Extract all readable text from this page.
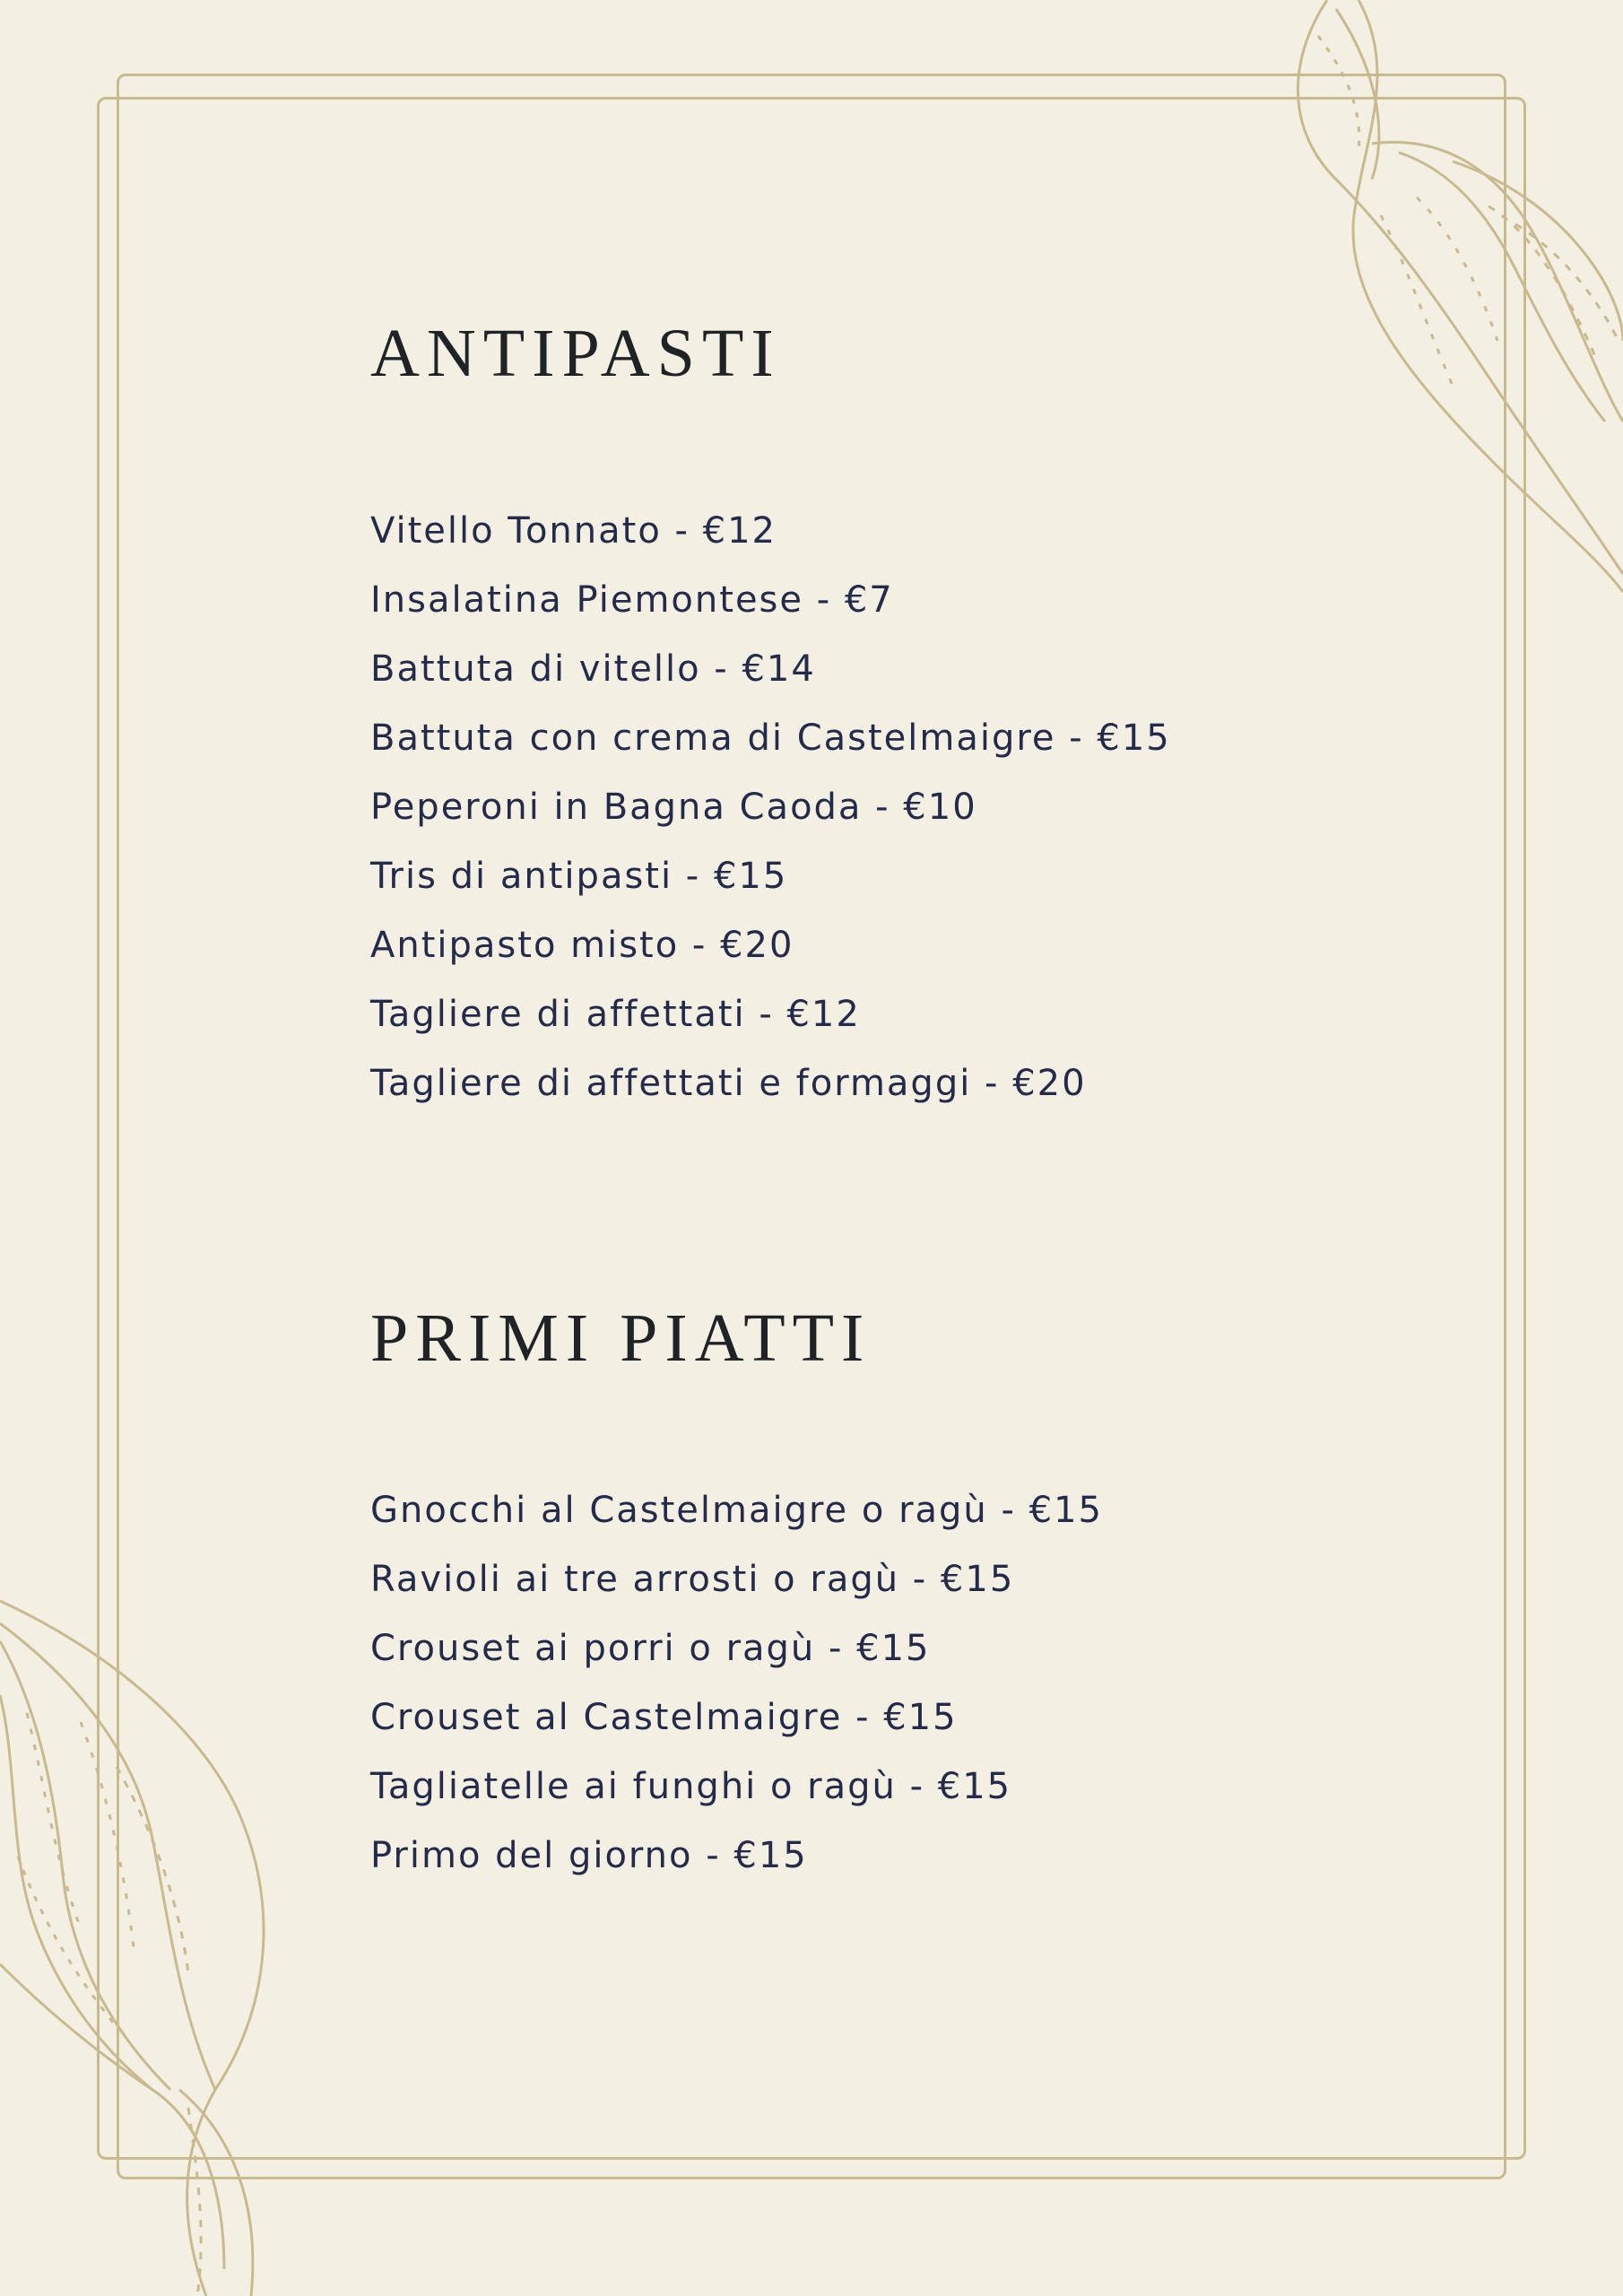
ANTIPASTI
Vitello Tonnato - €12
Insalatina Piemontese - €7
Battuta di vitello - €14
Battuta con crema di Castelmaigre - €15
Peperoni in Bagna Caoda - €10
Tris di antipasti - €15
Antipasto misto - €20
Tagliere di affettati - €12
Tagliere di affettati e formaggi - €20
PRIMI PIATTI
Gnocchi al Castelmaigre o ragù - €15
Ravioli ai tre arrosti o ragù - €15
Crouset ai porri o ragù - €15
Crouset al Castelmaigre - €15
Tagliatelle ai funghi o ragù - €15
Primo del giorno - €15
